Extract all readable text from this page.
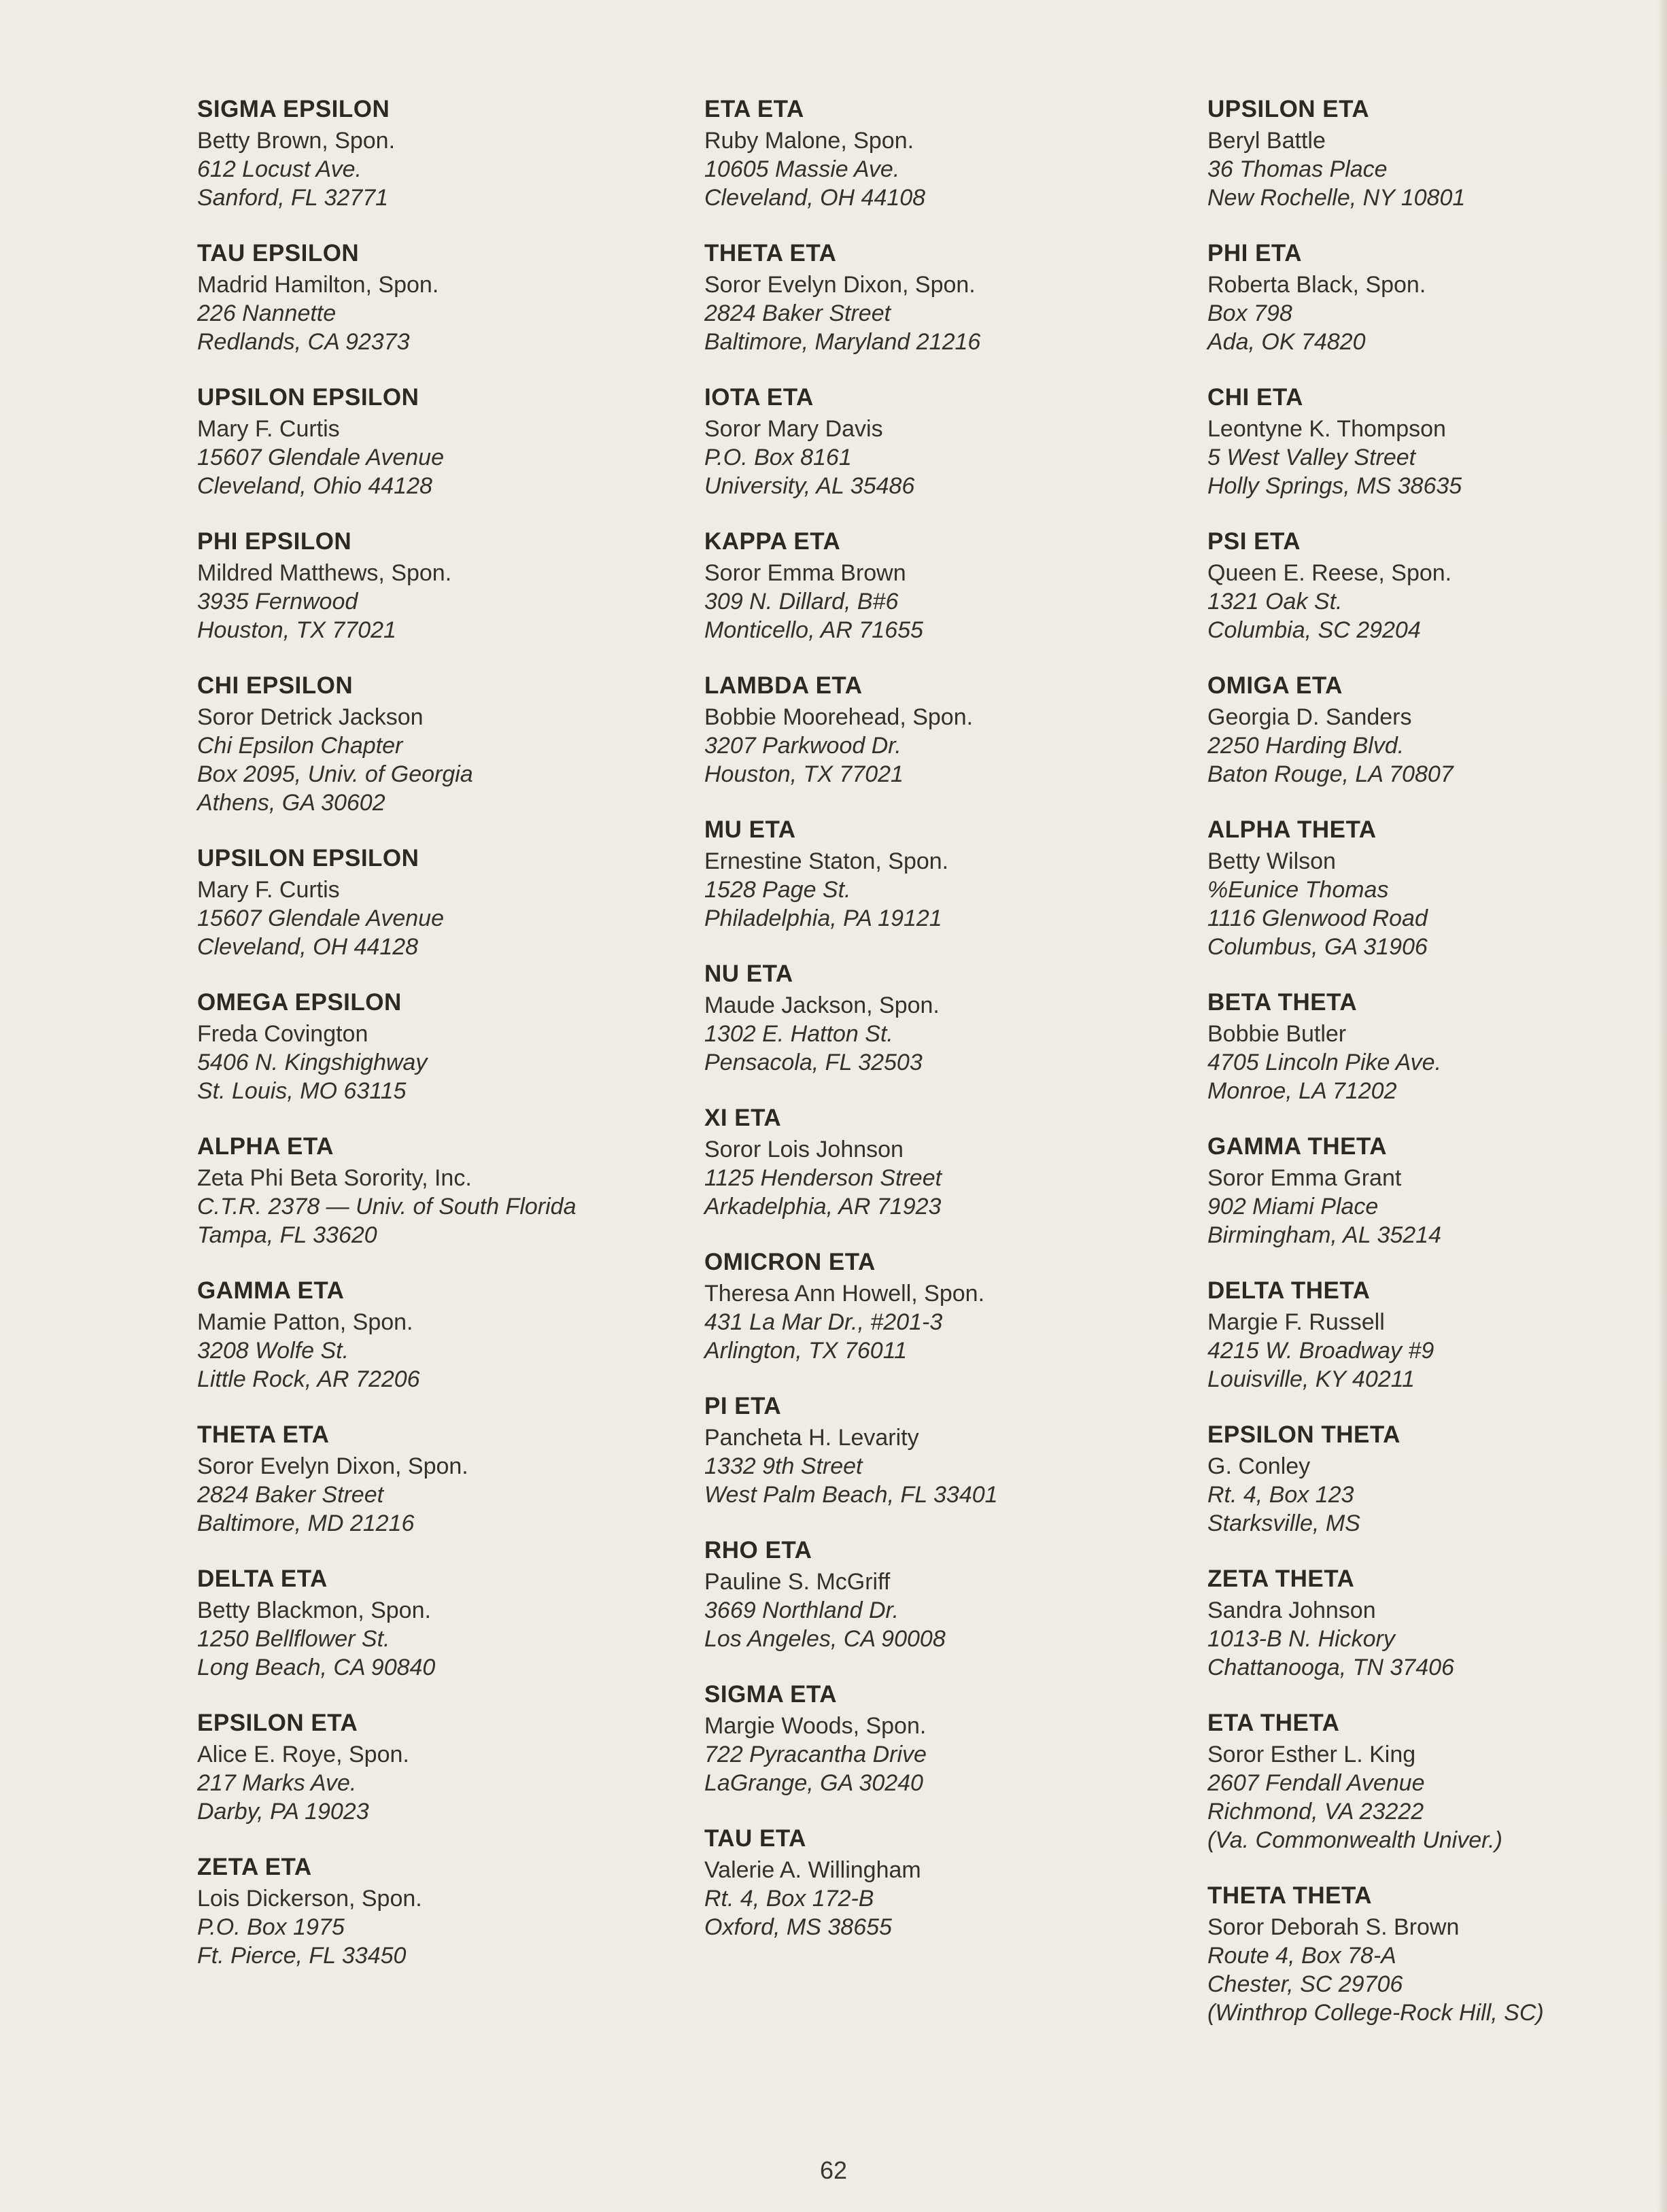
SIGMA EPSILON
Betty Brown, Spon.
612 Locust Ave.
Sanford, FL 32771
TAU EPSILON
Madrid Hamilton, Spon.
226 Nannette
Redlands, CA 92373
UPSILON EPSILON
Mary F. Curtis
15607 Glendale Avenue
Cleveland, Ohio 44128
PHI EPSILON
Mildred Matthews, Spon.
3935 Fernwood
Houston, TX 77021
CHI EPSILON
Soror Detrick Jackson
Chi Epsilon Chapter
Box 2095, Univ. of Georgia
Athens, GA 30602
UPSILON EPSILON
Mary F. Curtis
15607 Glendale Avenue
Cleveland, OH 44128
OMEGA EPSILON
Freda Covington
5406 N. Kingshighway
St. Louis, MO 63115
ALPHA ETA
Zeta Phi Beta Sorority, Inc.
C.T.R. 2378 — Univ. of South Florida
Tampa, FL 33620
GAMMA ETA
Mamie Patton, Spon.
3208 Wolfe St.
Little Rock, AR 72206
THETA ETA
Soror Evelyn Dixon, Spon.
2824 Baker Street
Baltimore, MD 21216
DELTA ETA
Betty Blackmon, Spon.
1250 Bellflower St.
Long Beach, CA 90840
EPSILON ETA
Alice E. Roye, Spon.
217 Marks Ave.
Darby, PA 19023
ZETA ETA
Lois Dickerson, Spon.
P.O. Box 1975
Ft. Pierce, FL 33450
ETA ETA
Ruby Malone, Spon.
10605 Massie Ave.
Cleveland, OH 44108
THETA ETA
Soror Evelyn Dixon, Spon.
2824 Baker Street
Baltimore, Maryland 21216
IOTA ETA
Soror Mary Davis
P.O. Box 8161
University, AL 35486
KAPPA ETA
Soror Emma Brown
309 N. Dillard, B#6
Monticello, AR 71655
LAMBDA ETA
Bobbie Moorehead, Spon.
3207 Parkwood Dr.
Houston, TX 77021
MU ETA
Ernestine Staton, Spon.
1528 Page St.
Philadelphia, PA 19121
NU ETA
Maude Jackson, Spon.
1302 E. Hatton St.
Pensacola, FL 32503
XI ETA
Soror Lois Johnson
1125 Henderson Street
Arkadelphia, AR 71923
OMICRON ETA
Theresa Ann Howell, Spon.
431 La Mar Dr., #201-3
Arlington, TX 76011
PI ETA
Pancheta H. Levarity
1332 9th Street
West Palm Beach, FL 33401
RHO ETA
Pauline S. McGriff
3669 Northland Dr.
Los Angeles, CA 90008
SIGMA ETA
Margie Woods, Spon.
722 Pyracantha Drive
LaGrange, GA 30240
TAU ETA
Valerie A. Willingham
Rt. 4, Box 172-B
Oxford, MS 38655
UPSILON ETA
Beryl Battle
36 Thomas Place
New Rochelle, NY 10801
PHI ETA
Roberta Black, Spon.
Box 798
Ada, OK 74820
CHI ETA
Leontyne K. Thompson
5 West Valley Street
Holly Springs, MS 38635
PSI ETA
Queen E. Reese, Spon.
1321 Oak St.
Columbia, SC 29204
OMIGA ETA
Georgia D. Sanders
2250 Harding Blvd.
Baton Rouge, LA 70807
ALPHA THETA
Betty Wilson
%Eunice Thomas
1116 Glenwood Road
Columbus, GA 31906
BETA THETA
Bobbie Butler
4705 Lincoln Pike Ave.
Monroe, LA 71202
GAMMA THETA
Soror Emma Grant
902 Miami Place
Birmingham, AL 35214
DELTA THETA
Margie F. Russell
4215 W. Broadway #9
Louisville, KY 40211
EPSILON THETA
G. Conley
Rt. 4, Box 123
Starksville, MS
ZETA THETA
Sandra Johnson
1013-B N. Hickory
Chattanooga, TN 37406
ETA THETA
Soror Esther L. King
2607 Fendall Avenue
Richmond, VA 23222
(Va. Commonwealth Univer.)
THETA THETA
Soror Deborah S. Brown
Route 4, Box 78-A
Chester, SC 29706
(Winthrop College-Rock Hill, SC)
62
